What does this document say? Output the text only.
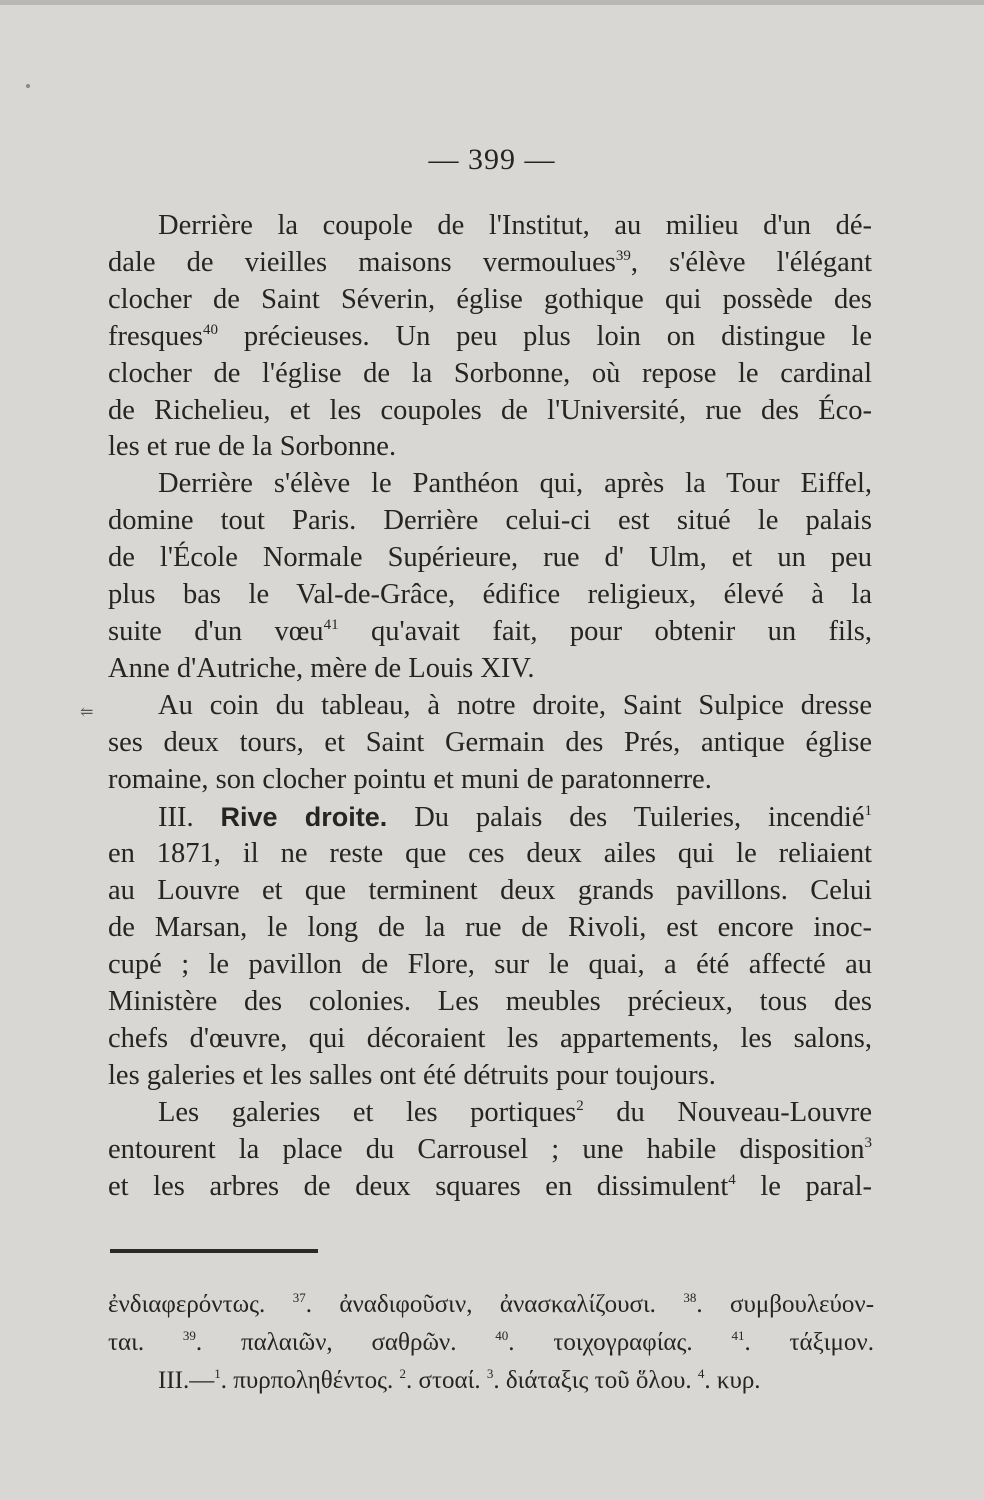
— 399 —

Derrière la coupole de l'Institut, au milieu d'un dé-
dale de vieilles maisons vermoulues$^{39}$, s'élève l'élégant
clocher de Saint Séverin, église gothique qui possède des
fresques$^{40}$ précieuses. Un peu plus loin on distingue le
clocher de l'église de la Sorbonne, où repose le cardinal
de Richelieu, et les coupoles de l'Université, rue des Éco-
les et rue de la Sorbonne.

Derrière s'élève le Panthéon qui, après la Tour Eiffel,
domine tout Paris. Derrière celui-ci est situé le palais
de l'École Normale Supérieure, rue d' Ulm, et un peu
plus bas le Val-de-Grâce, édifice religieux, élevé à la
suite d'un vœu$^{41}$ qu'avait fait, pour obtenir un fils,
Anne d'Autriche, mère de Louis XIV.

Au coin du tableau, à notre droite, Saint Sulpice dresse
ses deux tours, et Saint Germain des Prés, antique église
romaine, son clocher pointu et muni de paratonnerre.

III. Rive droite. Du palais des Tuileries, incendié$^1$
en 1871, il ne reste que ces deux ailes qui le reliaient
au Louvre et que terminent deux grands pavillons. Celui
de Marsan, le long de la rue de Rivoli, est encore inoc-
cupé ; le pavillon de Flore, sur le quai, a été affecté au
Ministère des colonies. Les meubles précieux, tous des
chefs d'œuvre, qui décoraient les appartements, les salons,
les galeries et les salles ont été détruits pour toujours.

Les galeries et les portiques$^2$ du Nouveau-Louvre
entourent la place du Carrousel ; une habile disposition$^3$
et les arbres de deux squares en dissimulent$^4$ le paral-

⥢
ἐνδιαφερόντως. $^{37}$. ἀναδιφοῦσιν, ἀνασκαλίζουσι. $^{38}$. συμβουλεύον-
ται.	$^{39}$. παλαιῶν, σαθρῶν.	$^{40}$. τοιχογραφίας.	$^{41}$. τάξιμον.
III.—$^1$. πυρποληθέντος. $^2$. στοαί. $^3$. διάταξις τοῦ ὅλου. $^4$. κυρ.
